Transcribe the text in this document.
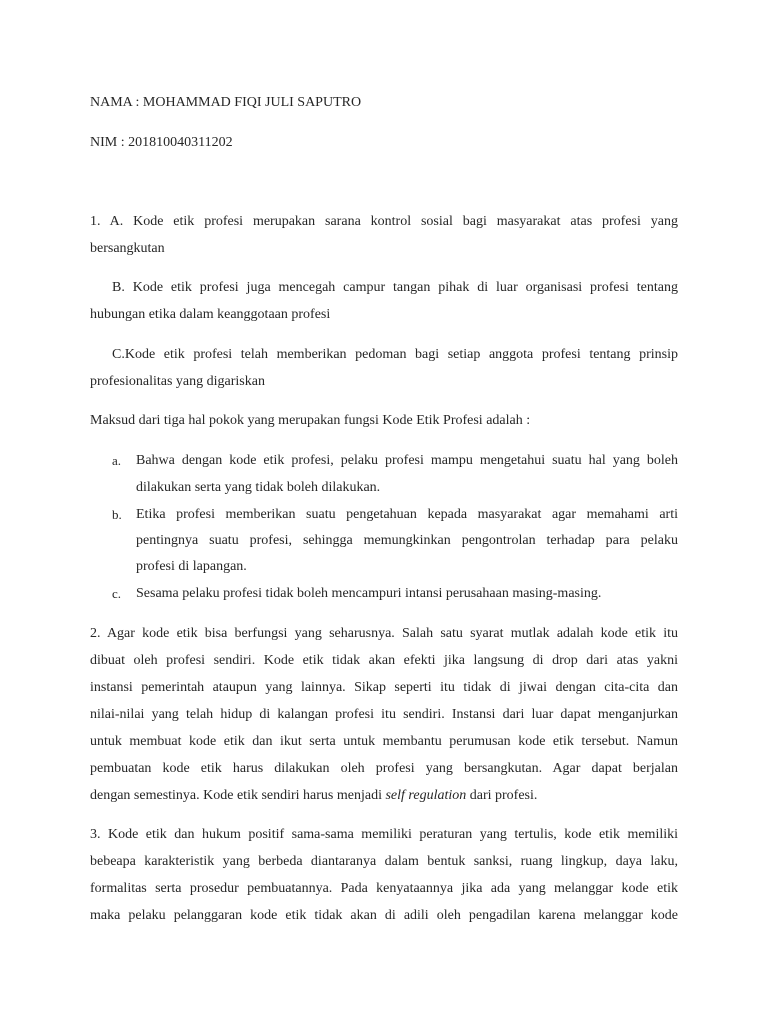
NAMA : MOHAMMAD FIQI JULI SAPUTRO
NIM : 201810040311202
1. A. Kode etik profesi merupakan sarana kontrol sosial bagi masyarakat atas profesi yang
bersangkutan
B. Kode etik profesi juga mencegah campur tangan pihak di luar organisasi profesi tentang
hubungan etika dalam keanggotaan profesi
C.Kode etik profesi telah memberikan pedoman bagi setiap anggota profesi tentang prinsip
profesionalitas yang digariskan
Maksud dari tiga hal pokok yang merupakan fungsi Kode Etik Profesi adalah :
a.	Bahwa dengan kode etik profesi, pelaku profesi mampu mengetahui suatu hal yang boleh
dilakukan serta yang tidak boleh dilakukan.
b.	Etika profesi memberikan suatu pengetahuan kepada masyarakat agar memahami arti
pentingnya suatu profesi, sehingga memungkinkan pengontrolan terhadap para pelaku
profesi di lapangan.
c.	Sesama pelaku profesi tidak boleh mencampuri intansi perusahaan masing-masing.
2. Agar kode etik bisa berfungsi yang seharusnya. Salah satu syarat mutlak adalah kode etik itu
dibuat oleh profesi sendiri. Kode etik tidak akan efekti jika langsung di drop dari atas yakni
instansi pemerintah ataupun yang lainnya. Sikap seperti itu tidak di jiwai dengan cita-cita dan
nilai-nilai yang telah hidup di kalangan profesi itu sendiri. Instansi dari luar dapat menganjurkan
untuk membuat kode etik dan ikut serta untuk membantu perumusan kode etik tersebut. Namun
pembuatan kode etik harus dilakukan oleh profesi yang bersangkutan. Agar dapat berjalan
dengan semestinya. Kode etik sendiri harus menjadi self regulation dari profesi.
3. Kode etik dan hukum positif sama-sama memiliki peraturan yang tertulis, kode etik memiliki
bebeapa karakteristik yang berbeda diantaranya dalam bentuk sanksi, ruang lingkup, daya laku,
formalitas serta prosedur pembuatannya. Pada kenyataannya jika ada yang melanggar kode etik
maka pelaku pelanggaran kode etik tidak akan di adili oleh pengadilan karena melanggar kode
